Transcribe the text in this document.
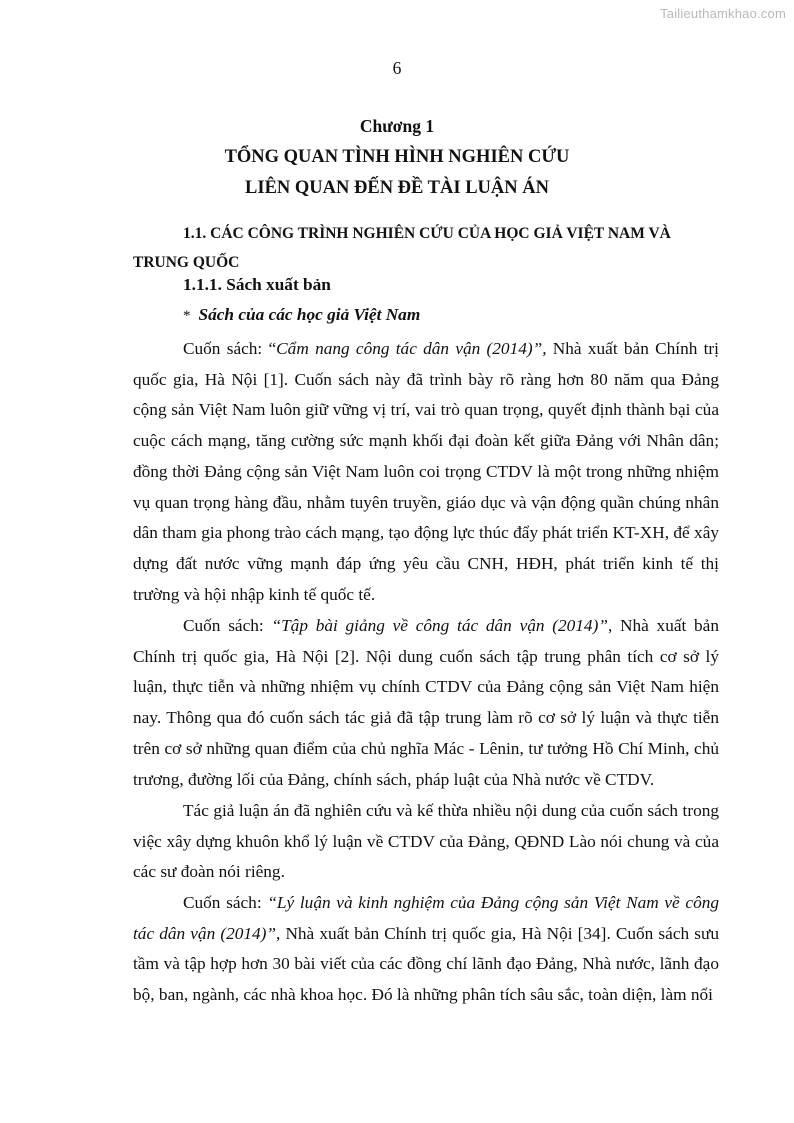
Tailieuthamkhao.com
6
Chương 1
TỔNG QUAN TÌNH HÌNH NGHIÊN CỨU
LIÊN QUAN ĐẾN ĐỀ TÀI LUẬN ÁN
1.1. CÁC CÔNG TRÌNH NGHIÊN CỨU CỦA HỌC GIẢ VIỆT NAM VÀ
TRUNG QUỐC
1.1.1. Sách xuất bản
* Sách của các học giả Việt Nam

Cuốn sách: “Cẩm nang công tác dân vận (2014)”, Nhà xuất bản Chính trị quốc gia, Hà Nội [1]. Cuốn sách này đã trình bày rõ ràng hơn 80 năm qua Đảng cộng sản Việt Nam luôn giữ vững vị trí, vai trò quan trọng, quyết định thành bại của cuộc cách mạng, tăng cường sức mạnh khối đại đoàn kết giữa Đảng với Nhân dân; đồng thời Đảng cộng sản Việt Nam luôn coi trọng CTDV là một trong những nhiệm vụ quan trọng hàng đầu, nhằm tuyên truyền, giáo dục và vận động quần chúng nhân dân tham gia phong trào cách mạng, tạo động lực thúc đẩy phát triển KT-XH, để xây dựng đất nước vững mạnh đáp ứng yêu cầu CNH, HĐH, phát triển kinh tế thị trường và hội nhập kinh tế quốc tế.

Cuốn sách: “Tập bài giảng về công tác dân vận (2014)”, Nhà xuất bản Chính trị quốc gia, Hà Nội [2]. Nội dung cuốn sách tập trung phân tích cơ sở lý luận, thực tiễn và những nhiệm vụ chính CTDV của Đảng cộng sản Việt Nam hiện nay. Thông qua đó cuốn sách tác giả đã tập trung làm rõ cơ sở lý luận và thực tiễn trên cơ sở những quan điểm của chủ nghĩa Mác - Lênin, tư tưởng Hồ Chí Minh, chủ trương, đường lối của Đảng, chính sách, pháp luật của Nhà nước về CTDV.

Tác giả luận án đã nghiên cứu và kế thừa nhiều nội dung của cuốn sách trong việc xây dựng khuôn khổ lý luận về CTDV của Đảng, QĐND Lào nói chung và của các sư đoàn nói riêng.

Cuốn sách: “Lý luận và kinh nghiệm của Đảng cộng sản Việt Nam về công tác dân vận (2014)”, Nhà xuất bản Chính trị quốc gia, Hà Nội [34]. Cuốn sách sưu tầm và tập hợp hơn 30 bài viết của các đồng chí lãnh đạo Đảng, Nhà nước, lãnh đạo bộ, ban, ngành, các nhà khoa học. Đó là những phân tích sâu sắc, toàn diện, làm nổi
